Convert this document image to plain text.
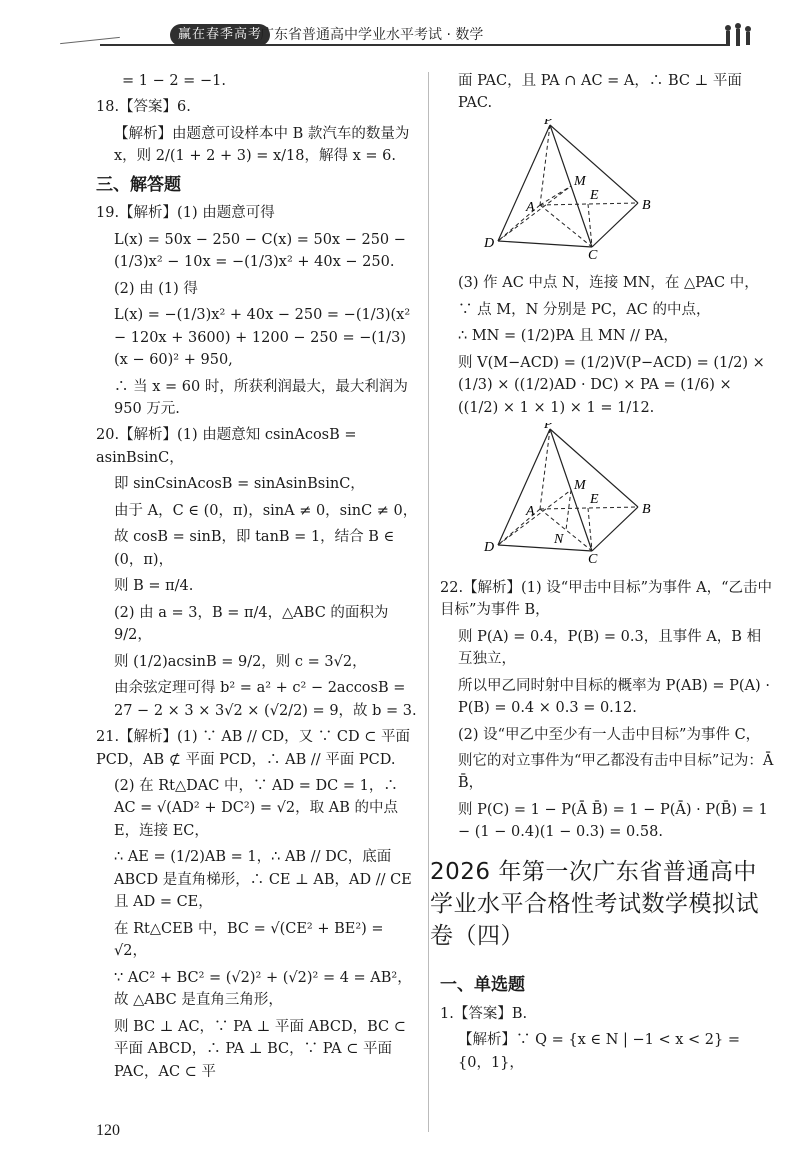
赢在春季高考
广东省普通高中学业水平考试 · 数学

= 1 − 2 = −1.

18.【答案】6.

【解析】由题意可设样本中 B 款汽车的数量为 x，则 2/(1 + 2 + 3) = x/18，解得 x = 6.

三、解答题

19.【解析】(1) 由题意可得

L(x) = 50x − 250 − C(x) = 50x − 250 − (1/3)x² − 10x = −(1/3)x² + 40x − 250.

(2) 由 (1) 得

L(x) = −(1/3)x² + 40x − 250 = −(1/3)(x² − 120x + 3600) + 1200 − 250 = −(1/3)(x − 60)² + 950,

∴ 当 x = 60 时，所获利润最大，最大利润为 950 万元.

20.【解析】(1) 由题意知 csinAcosB = asinBsinC，

即 sinCsinAcosB = sinAsinBsinC，

由于 A，C ∈ (0，π)，sinA ≠ 0，sinC ≠ 0，

故 cosB = sinB，即 tanB = 1，结合 B ∈ (0，π)，

则 B = π/4.

(2) 由 a = 3，B = π/4，△ABC 的面积为 9/2，

则 (1/2)acsinB = 9/2，则 c = 3√2，

由余弦定理可得 b² = a² + c² − 2accosB = 27 − 2 × 3 × 3√2 × (√2/2) = 9，故 b = 3.

21.【解析】(1) ∵ AB // CD，又 ∵ CD ⊂ 平面 PCD，AB ⊄ 平面 PCD，∴ AB // 平面 PCD.

(2) 在 Rt△DAC 中，∵ AD = DC = 1，∴ AC = √(AD² + DC²) = √2，取 AB 的中点 E，连接 EC，

∴ AE = (1/2)AB = 1，∴ AB // DC，底面 ABCD 是直角梯形，∴ CE ⊥ AB，AD // CE 且 AD = CE，

在 Rt△CEB 中，BC = √(CE² + BE²) = √2，

∵ AC² + BC² = (√2)² + (√2)² = 4 = AB²，故 △ABC 是直角三角形，

则 BC ⊥ AC，∵ PA ⊥ 平面 ABCD，BC ⊂ 平面 ABCD，∴ PA ⊥ BC，∵ PA ⊂ 平面 PAC，AC ⊂ 平

面 PAC，且 PA ∩ AC = A，∴ BC ⊥ 平面 PAC.

P
A	B
C
D
E
M

(3) 作 AC 中点 N，连接 MN，在 △PAC 中，

∵ 点 M，N 分别是 PC，AC 的中点，

∴ MN = (1/2)PA 且 MN // PA，

则 V(M−ACD) = (1/2)V(P−ACD) = (1/2) × (1/3) × ((1/2)AD · DC) × PA = (1/6) × ((1/2) × 1 × 1) × 1 = 1/12.

P
A	B
C
D
E
M
N

22.【解析】(1) 设“甲击中目标”为事件 A，“乙击中目标”为事件 B，

则 P(A) = 0.4，P(B) = 0.3，且事件 A，B 相互独立，

所以甲乙同时射中目标的概率为 P(AB) = P(A) · P(B) = 0.4 × 0.3 = 0.12.

(2) 设“甲乙中至少有一人击中目标”为事件 C，

则它的对立事件为“甲乙都没有击中目标”记为：Ā B̄，

则 P(C) = 1 − P(Ā B̄) = 1 − P(Ā) · P(B̄) = 1 − (1 − 0.4)(1 − 0.3) = 0.58.

2026 年第一次广东省普通高中学业水平合格性考试数学模拟试卷（四）

一、单选题

1.【答案】B.

【解析】∵ Q = {x ∈ N | −1 < x < 2} = {0，1}，

120
